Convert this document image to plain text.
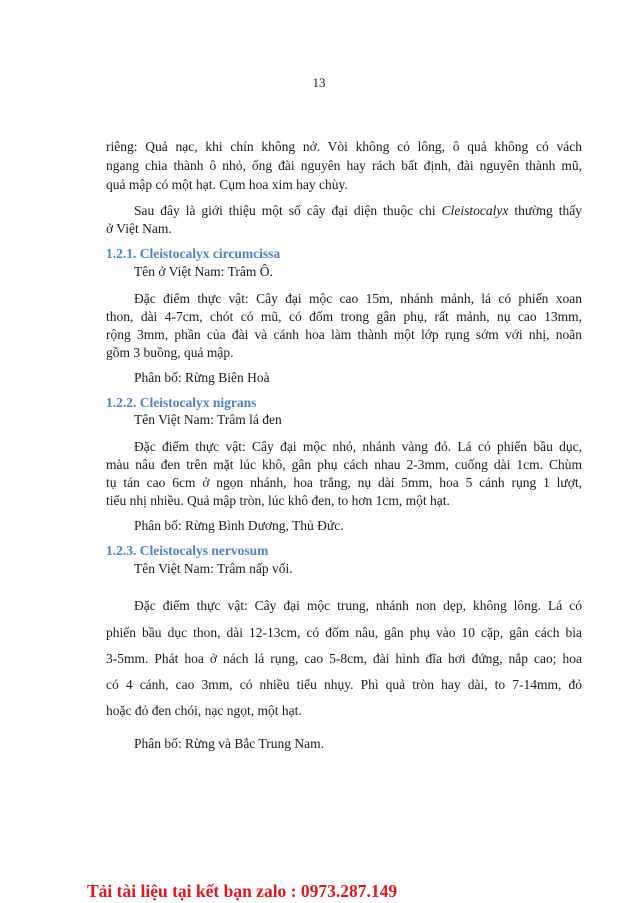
13
riêng: Quả nạc, khi chín không nở. Vòi không có lông, ô quả không có vách
ngang chia thành ô nhỏ, ống đài nguyên hay rách bất định, đài nguyên thành mũ,
quả mập có một hạt. Cụm hoa xim hay chùy.
Sau đây là giới thiệu một số cây đại diện thuộc chi Cleistocalyx thường thấy
ở Việt Nam.
1.2.1. Cleistocalyx circumcissa
Tên ở Việt Nam: Trâm Ô.
Đặc điểm thực vật: Cây đại mộc cao 15m, nhánh mảnh, lá có phiến xoan
thon, dài 4-7cm, chót có mũ, có đốm trong gân phụ, rất mảnh, nụ cao 13mm,
rộng 3mm, phần của đài và cánh hoa làm thành một lớp rụng sớm với nhị, noãn
gồm 3 buồng, quả mập.
Phân bố: Rừng Biên Hoà
1.2.2. Cleistocalyx nigrans
Tên Việt Nam: Trâm lá đen
Đặc điểm thực vật: Cây đại mộc nhỏ, nhánh vàng đỏ. Lá có phiến bầu dục,
màu nâu đen trên mặt lúc khô, gân phụ cách nhau 2-3mm, cuống dài 1cm. Chùm
tụ tán cao 6cm ở ngọn nhánh, hoa trắng, nụ dài 5mm, hoa 5 cánh rụng 1 lượt,
tiểu nhị nhiều. Quả mập tròn, lúc khô đen, to hơn 1cm, một hạt.
Phân bố: Rừng Bình Dương, Thủ Đức.
1.2.3. Cleistocalys nervosum
Tên Việt Nam: Trâm nấp vối.
Đặc điểm thực vật: Cây đại mộc trung, nhánh non dẹp, không lông. Lá có
phiến bầu dục thon, dài 12-13cm, có đốm nâu, gân phụ vào 10 cặp, gân cách bìa
3-5mm. Phát hoa ở nách lá rụng, cao 5-8cm, đài hình đĩa hơi đứng, nắp cao; hoa
có 4 cánh, cao 3mm, có nhiều tiểu nhụy. Phì quả tròn hay dài, to 7-14mm, đỏ
hoặc đỏ đen chói, nạc ngọt, một hạt.
Phân bố: Rừng và Bắc Trung Nam.
Tải tài liệu tại kết bạn zalo : 0973.287.149
